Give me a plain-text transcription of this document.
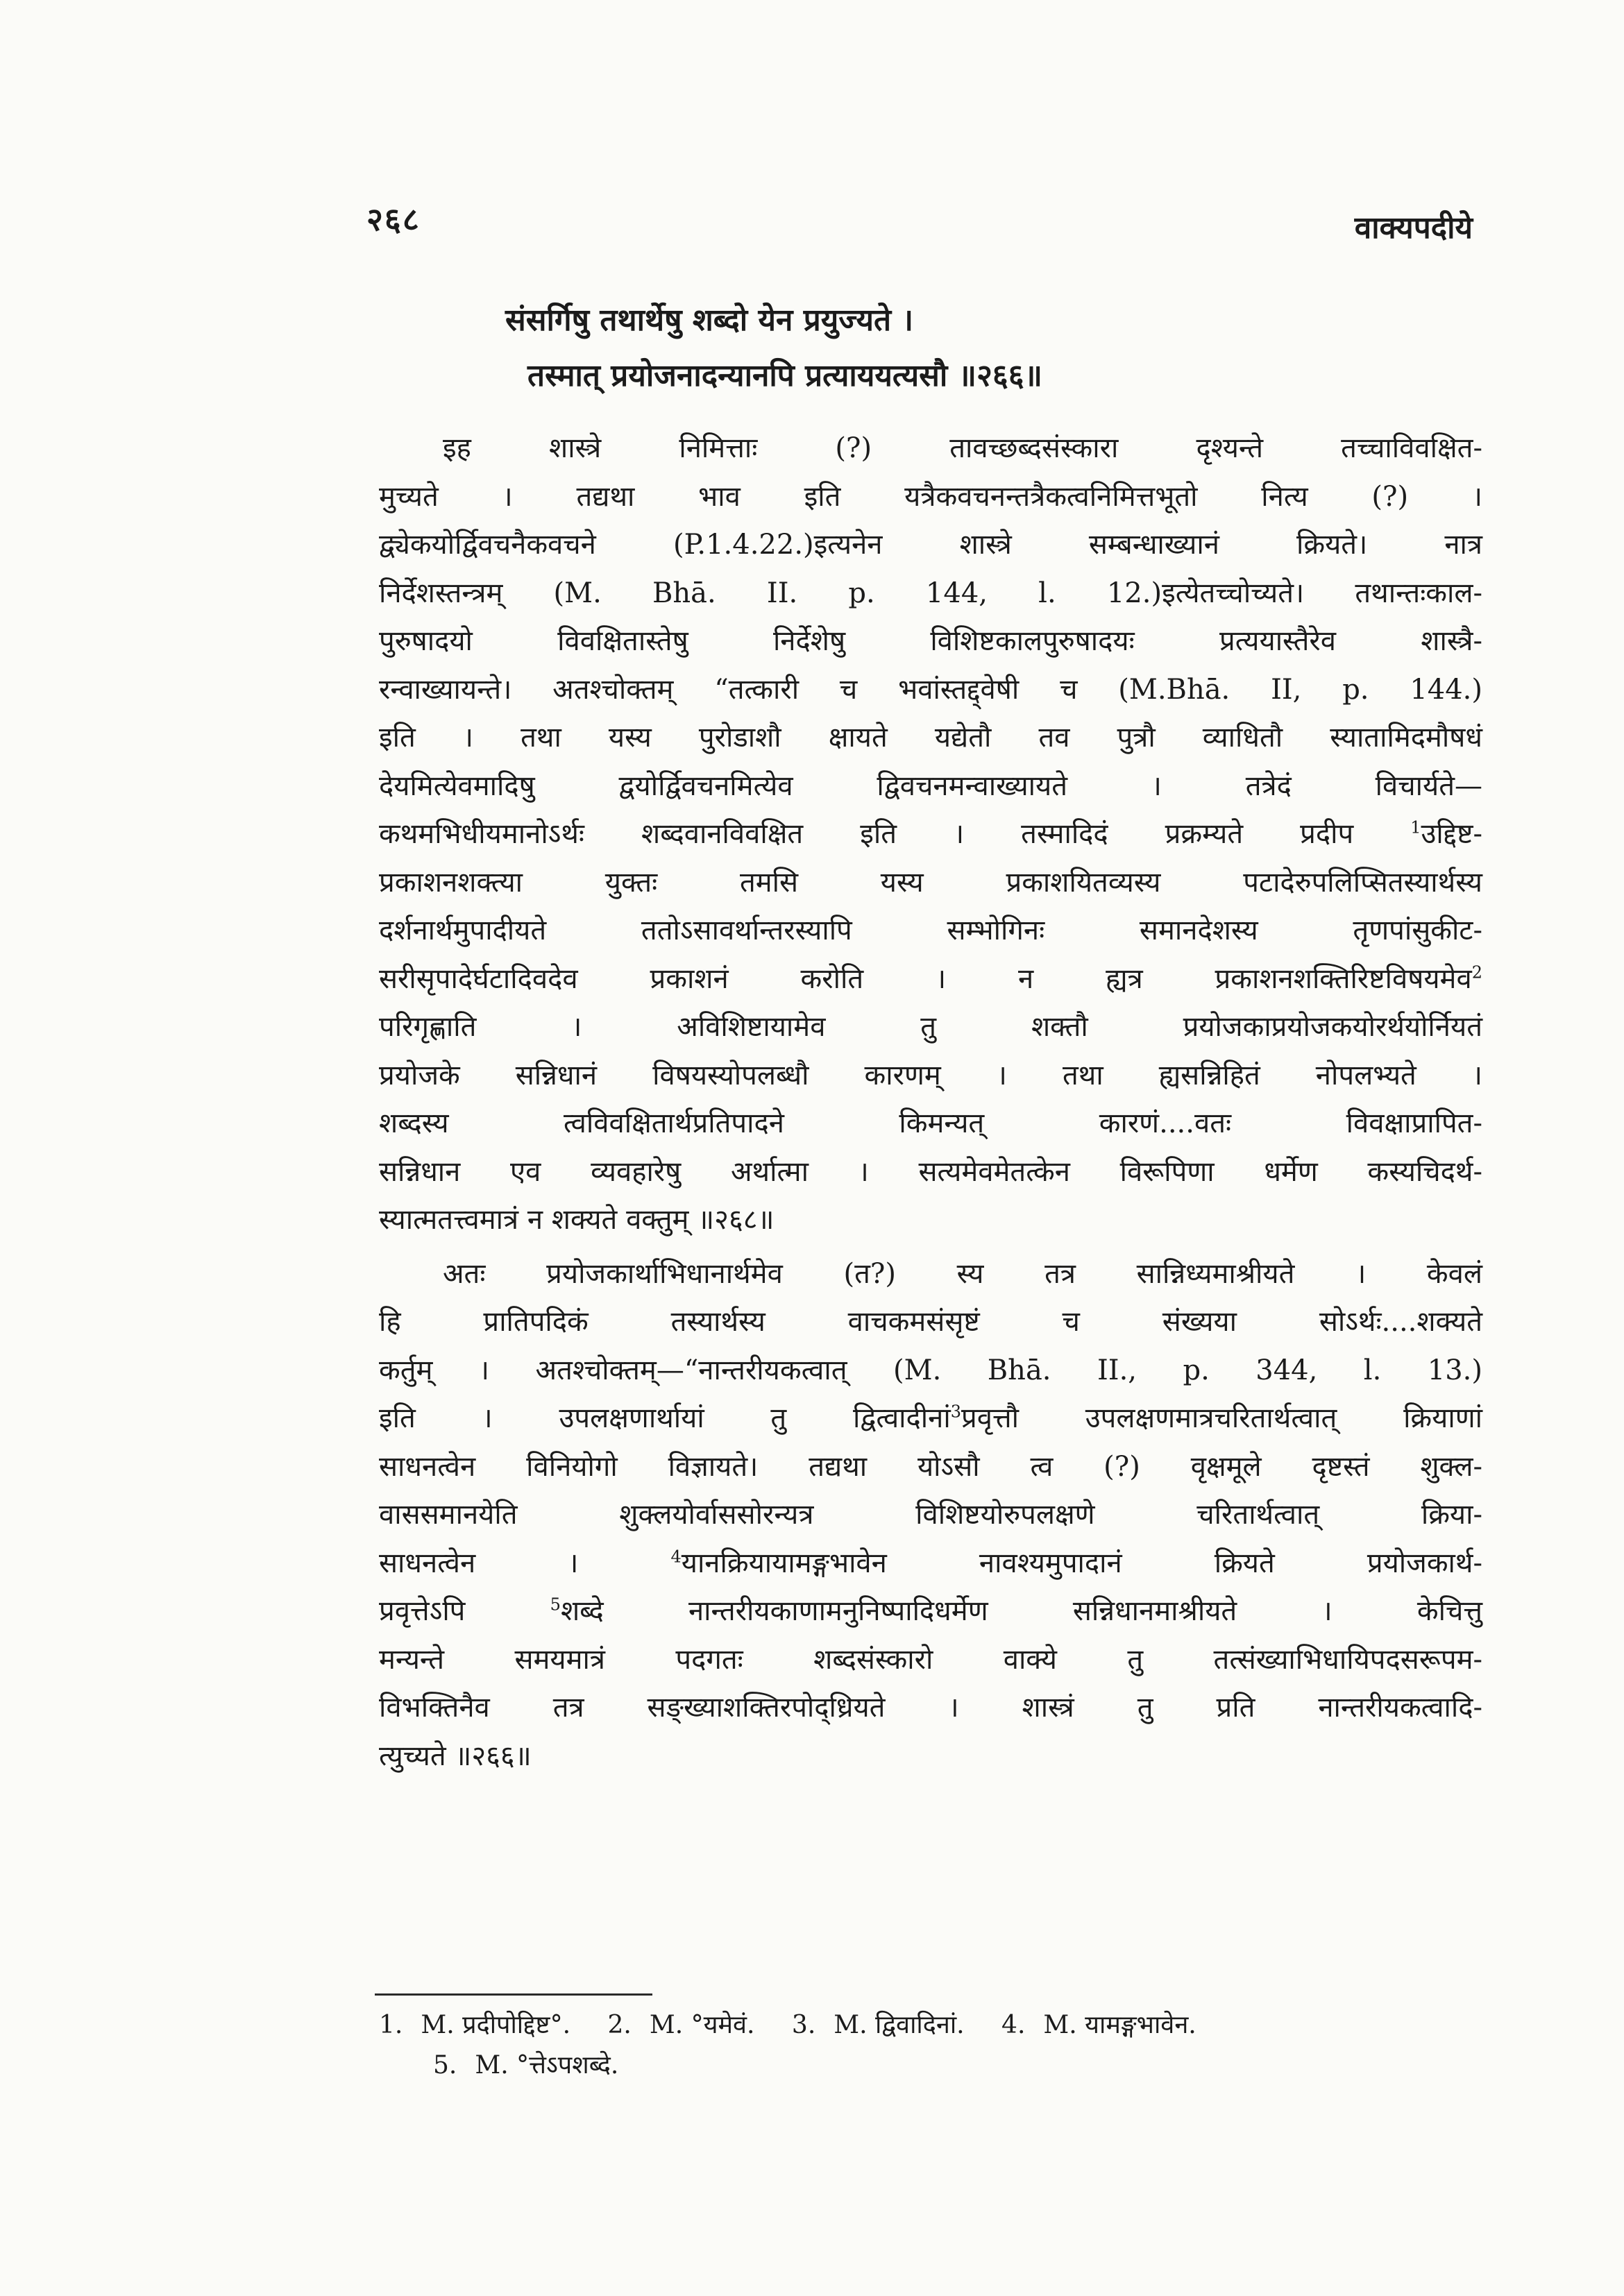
२६८	वाक्यपदीये
संसर्गिषु तथार्थेषु शब्दो येन प्रयुज्यते ।
तस्मात् प्रयोजनादन्यानपि प्रत्याययत्यसौ ॥२६६॥
इह शास्त्रे निमित्ताः (?) तावच्छब्दसंस्कारा दृश्यन्ते तच्चाविवक्षित-
मुच्यते । तद्यथा भाव इति यत्रैकवचनन्तत्रैकत्वनिमित्तभूतो नित्य (?) ।
द्व्येकयोर्द्विवचनैकवचने (P.1.4.22.)इत्यनेन शास्त्रे सम्बन्धाख्यानं क्रियते। नात्र
निर्देशस्तन्त्रम् (M. Bhā. II. p. 144, l. 12.)इत्येतच्चोच्यते। तथान्तःकाल-
पुरुषादयो विवक्षितास्तेषु निर्देशेषु विशिष्टकालपुरुषादयः प्रत्ययास्तैरेव शास्त्रै-
रन्वाख्यायन्ते। अतश्चोक्तम् “तत्कारी च भवांस्तद्द्वेषी च (M.Bhā. II, p. 144.)
इति । तथा यस्य पुरोडाशौ क्षायते यद्येतौ तव पुत्रौ व्याधितौ स्यातामिदमौषधं
देयमित्येवमादिषु द्वयोर्द्विवचनमित्येव द्विवचनमन्वाख्यायते । तत्रेदं विचार्यते—
कथमभिधीयमानोऽर्थः शब्दवानविवक्षित इति । तस्मादिदं प्रक्रम्यते प्रदीप	$^1$उद्दिष्ट-
प्रकाशनशक्त्या युक्तः तमसि यस्य प्रकाशयितव्यस्य पटादेरुपलिप्सितस्यार्थस्य
दर्शनार्थमुपादीयते ततोऽसावर्थान्तरस्यापि सम्भोगिनः समानदेशस्य तृणपांसुकीट-
सरीसृपादेर्घटादिवदेव प्रकाशनं करोति । न ह्यत्र प्रकाशनशक्तिरिष्टविषयमेव$^2$
परिगृह्णाति । अविशिष्टायामेव तु शक्तौ प्रयोजकाप्रयोजकयोरर्थयोर्नियतं
प्रयोजके सन्निधानं विषयस्योपलब्धौ कारणम् । तथा ह्यसन्निहितं नोपलभ्यते ।
शब्दस्य त्वविवक्षितार्थप्रतिपादने किमन्यत् कारणं....वतः विवक्षाप्रापित-
सन्निधान एव व्यवहारेषु अर्थात्मा । सत्यमेवमेतत्केन विरूपिणा धर्मेण कस्यचिदर्थ-
स्यात्मतत्त्वमात्रं न शक्यते वक्तुम् ॥२६८॥
अतः प्रयोजकार्थाभिधानार्थमेव (त?) स्य तत्र सान्निध्यमाश्रीयते । केवलं
हि प्रातिपदिकं तस्यार्थस्य वाचकमसंसृष्टं च संख्यया सोऽर्थः....शक्यते
कर्तुम् । अतश्चोक्तम्—“नान्तरीयकत्वात् (M. Bhā. II., p. 344, l. 13.)
इति । उपलक्षणार्थायां तु द्वित्वादीनां$^3$प्रवृत्तौ उपलक्षणमात्रचरितार्थत्वात् क्रियाणां
साधनत्वेन विनियोगो विज्ञायते। तद्यथा योऽसौ त्व (?) वृक्षमूले दृष्टस्तं शुक्ल-
वाससमानयेति शुक्लयोर्वाससोरन्यत्र विशिष्टयोरुपलक्षणे चरितार्थत्वात् क्रिया-
साधनत्वेन ।	$^4$यानक्रियायामङ्गभावेन नावश्यमुपादानं क्रियते प्रयोजकार्थ-
प्रवृत्तेऽपि	$^5$शब्दे नान्तरीयकाणामनुनिष्पादिधर्मेण सन्निधानमाश्रीयते । केचित्तु
मन्यन्ते समयमात्रं पदगतः शब्दसंस्कारो वाक्ये तु तत्संख्याभिधायिपदसरूपम-
विभक्तिनैव तत्र सङ्ख्याशक्तिरपोद्ध्रियते । शास्त्रं तु प्रति नान्तरीयकत्वादि-
त्युच्यते ॥२६६॥
1. M. प्रदीपोद्दिष्ट°. 2. M. °यमेवं. 3. M. द्विवादिनां. 4. M. यामङ्गभावेन.
5. M. °त्तेऽपशब्दे.
